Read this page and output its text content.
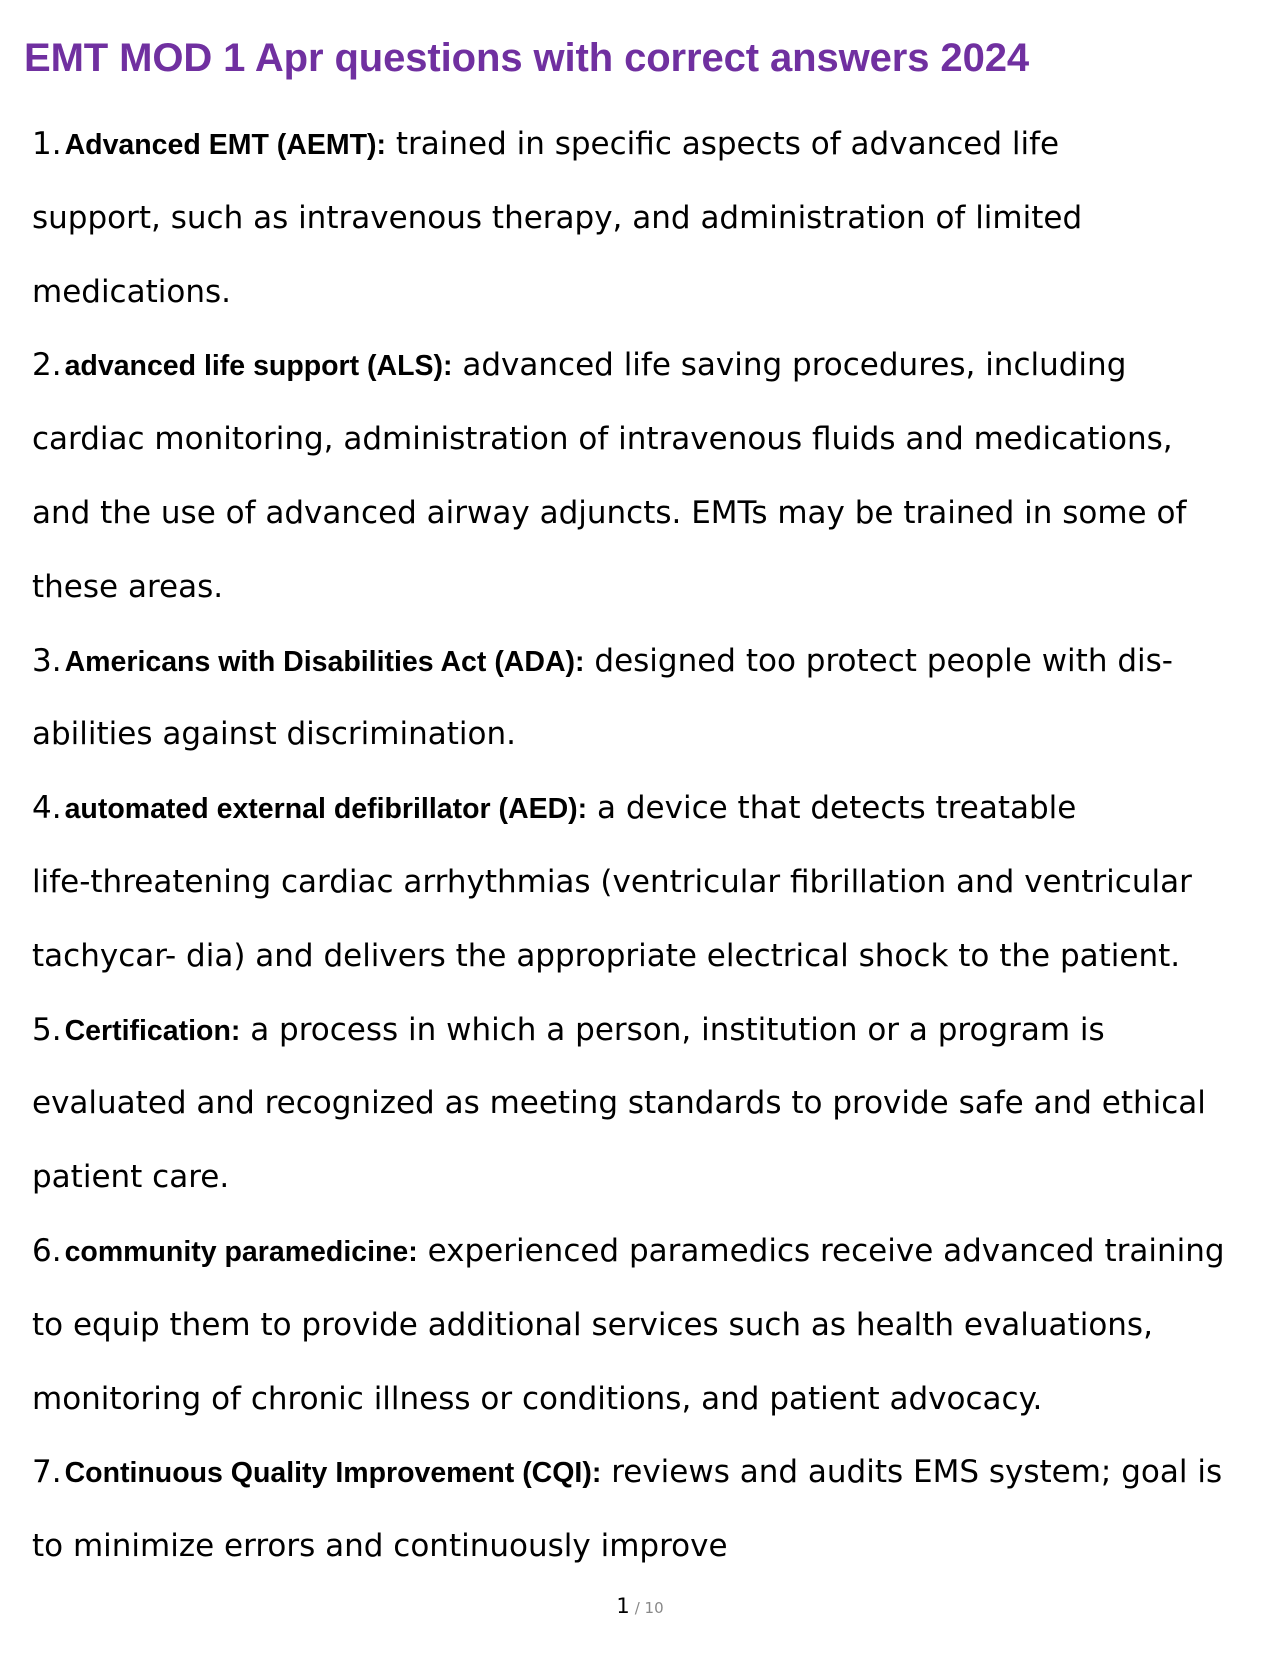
EMT MOD 1 Apr questions with correct answers 2024
1. Advanced EMT (AEMT): trained in specific aspects of advanced life
support, such as intravenous therapy, and administration of limited
medications.
2. advanced life support (ALS): advanced life saving procedures, including
cardiac monitoring, administration of intravenous fluids and medications,
and the use of advanced airway adjuncts. EMTs may be trained in some of
these areas.
3. Americans with Disabilities Act (ADA): designed too protect people with dis-
abilities against discrimination.
4. automated external defibrillator (AED): a device that detects treatable
life-threatening cardiac arrhythmias (ventricular fibrillation and ventricular
tachycar- dia) and delivers the appropriate electrical shock to the patient.
5. Certification: a process in which a person, institution or a program is
evaluated and recognized as meeting standards to provide safe and ethical
patient care.
6. community paramedicine: experienced paramedics receive advanced training
to equip them to provide additional services such as health evaluations,
monitoring of chronic illness or conditions, and patient advocacy.
7. Continuous Quality Improvement (CQI): reviews and audits EMS system; goal is
to minimize errors and continuously improve
1 / 10
